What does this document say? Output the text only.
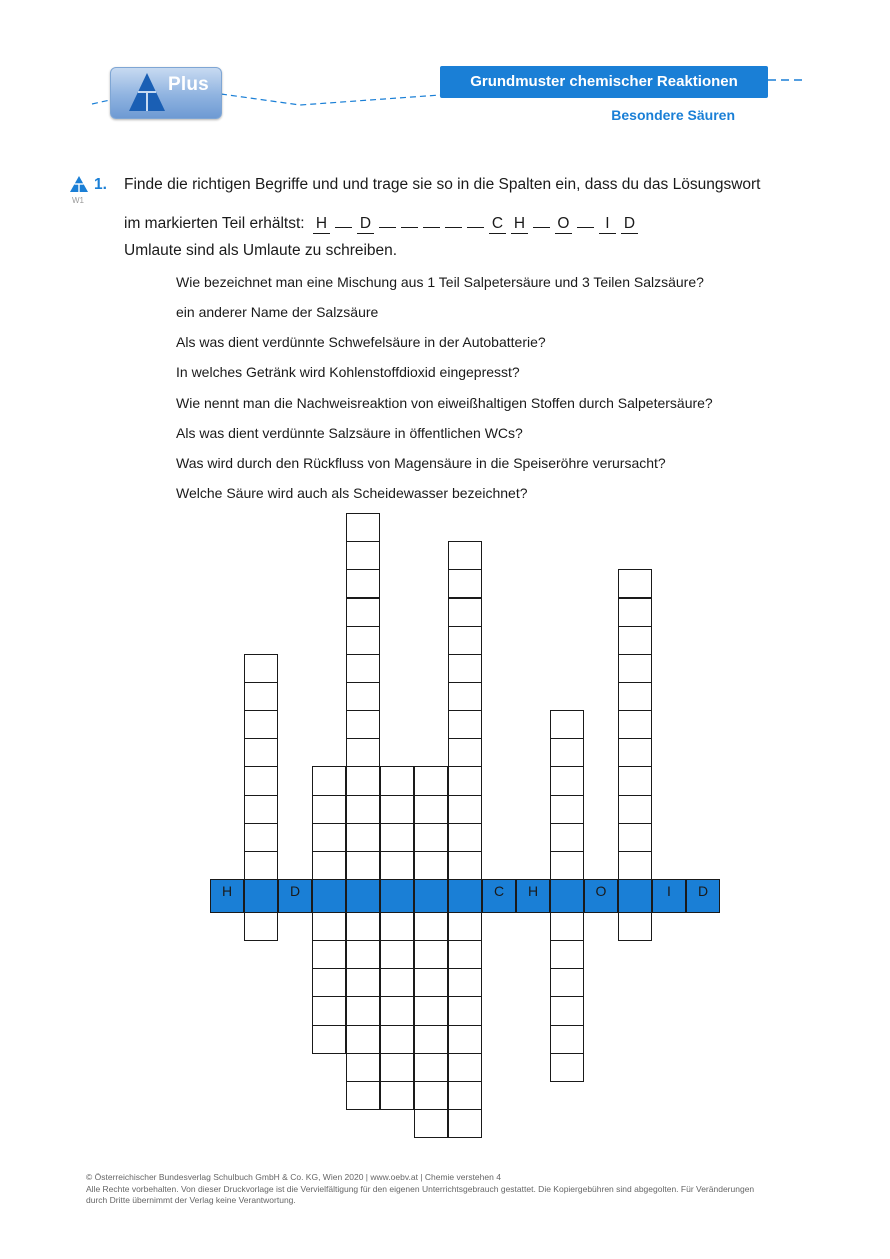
Plus	Grundmuster chemischer Reaktionen
Besondere Säuren
W1
1. Finde die richtigen Begriffe und und trage sie so in die Spalten ein, dass du das Lösungswort
im markierten Teil erhältst: H D	C H O I D
Umlaute sind als Umlaute zu schreiben.
Wie bezeichnet man eine Mischung aus 1 Teil Salpetersäure und 3 Teilen Salzsäure?
ein anderer Name der Salzsäure
Als was dient verdünnte Schwefelsäure in der Autobatterie?
In welches Getränk wird Kohlenstoffdioxid eingepresst?
Wie nennt man die Nachweisreaktion von eiweißhaltigen Stoffen durch Salpetersäure?
Als was dient verdünnte Salzsäure in öffentlichen WCs?
Was wird durch den Rückfluss von Magensäure in die Speiseröhre verursacht?
Welche Säure wird auch als Scheidewasser bezeichnet?
H	D	C	H	O	I	D
© Österreichischer Bundesverlag Schulbuch GmbH & Co. KG, Wien 2020 | www.oebv.at | Chemie verstehen 4
Alle Rechte vorbehalten. Von dieser Druckvorlage ist die Vervielfältigung für den eigenen Unterrichtsgebrauch gestattet. Die Kopiergebühren sind abgegolten. Für Veränderungen
durch Dritte übernimmt der Verlag keine Verantwortung.
